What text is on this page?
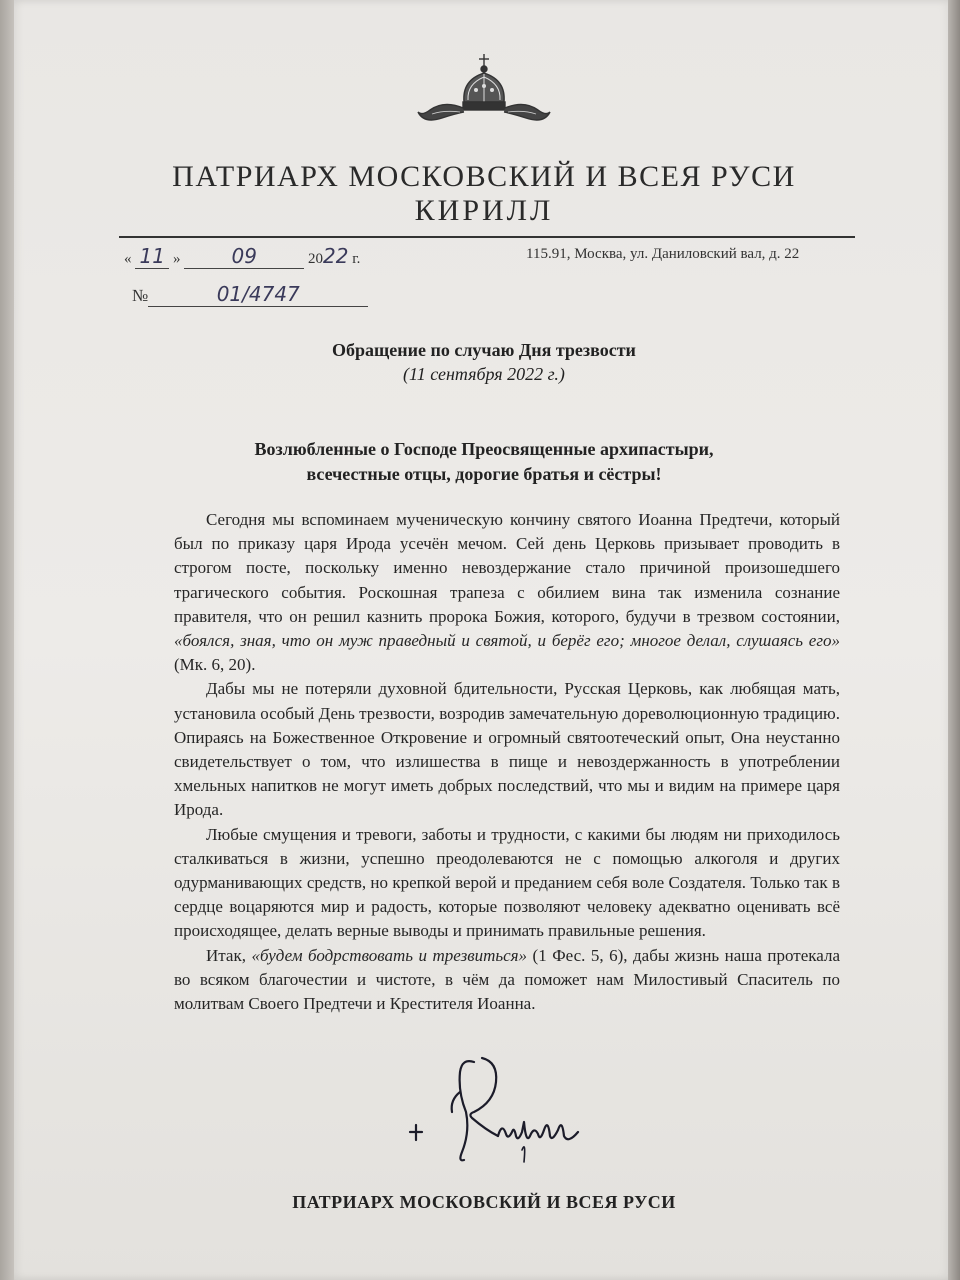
ПАТРИАРХ МОСКОВСКИЙ И ВСЕЯ РУСИ
КИРИЛЛ
« 11 »	09	2022 г.	115.91, Москва, ул. Даниловский вал, д. 22
№	01/4747
Обращение по случаю Дня трезвости
(11 сентября 2022 г.)
Возлюбленные о Господе Преосвященные архипастыри,
всечестные отцы, дорогие братья и сёстры!

Сегодня мы вспоминаем мученическую кончину святого Иоанна Предтечи, который был по приказу царя Ирода усечён мечом. Сей день Церковь призывает проводить в строгом посте, поскольку именно невоздержание стало причиной произошедшего трагического события. Роскошная трапеза с обилием вина так изменила сознание правителя, что он решил казнить пророка Божия, которого, будучи в трезвом состоянии, «боялся, зная, что он муж праведный и святой, и берёг его; многое делал, слушаясь его» (Мк. 6, 20).

Дабы мы не потеряли духовной бдительности, Русская Церковь, как любящая мать, установила особый День трезвости, возродив замечательную дореволюционную традицию. Опираясь на Божественное Откровение и огромный святоотеческий опыт, Она неустанно свидетельствует о том, что излишества в пище и невоздержанность в употреблении хмельных напитков не могут иметь добрых последствий, что мы и видим на примере царя Ирода.

Любые смущения и тревоги, заботы и трудности, с какими бы людям ни приходилось сталкиваться в жизни, успешно преодолеваются не с помощью алкоголя и других одурманивающих средств, но крепкой верой и преданием себя воле Создателя. Только так в сердце воцаряются мир и радость, которые позволяют человеку адекватно оценивать всё происходящее, делать верные выводы и принимать правильные решения.

Итак, «будем бодрствовать и трезвиться» (1 Фес. 5, 6), дабы жизнь наша протекала во всяком благочестии и чистоте, в чём да поможет нам Милостивый Спаситель по молитвам Своего Предтечи и Крестителя Иоанна.

ПАТРИАРХ МОСКОВСКИЙ И ВСЕЯ РУСИ
